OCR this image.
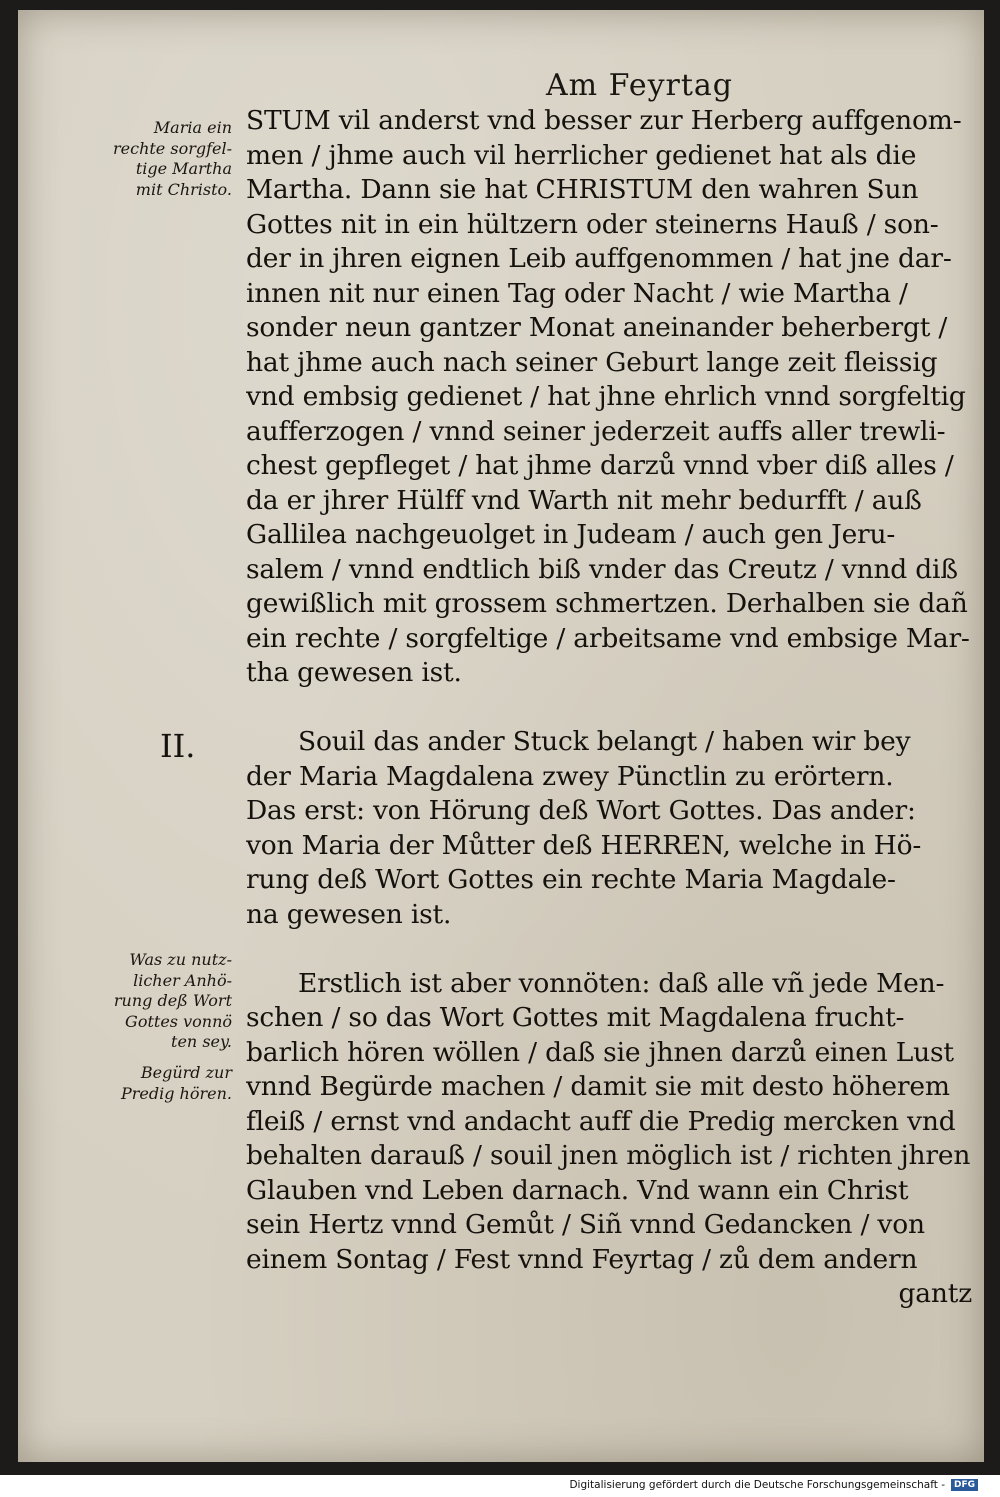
Am Feyrtag
II.
Maria ein
rechte sorgfel-
tige Martha
mit Christo.
Was zu nutz-
licher Anhö-
rung deß Wort
Gottes vonnö
ten sey.
Begürd zur
Predig hören.
STUM vil anderst vnd besser zur Herberg auffgenom-
men / jhme auch vil herrlicher gedienet hat als die
Martha. Dann sie hat CHRISTUM den wahren Sun
Gottes nit in ein hültzern oder steinerns Hauß / son-
der in jhren eignen Leib auffgenommen / hat jne dar-
innen nit nur einen Tag oder Nacht / wie Martha /
sonder neun gantzer Monat aneinander beherbergt /
hat jhme auch nach seiner Geburt lange zeit fleissig
vnd embsig gedienet / hat jhne ehrlich vnnd sorgfeltig
aufferzogen / vnnd seiner jederzeit auffs aller trewli-
chest gepfleget / hat jhme darzů vnnd vber diß alles /
da er jhrer Hülff vnd Warth nit mehr bedurfft / auß
Gallilea nachgeuolget in Judeam / auch gen Jeru-
salem / vnnd endtlich biß vnder das Creutz / vnnd diß
gewißlich mit grossem schmertzen. Derhalben sie dañ
ein rechte / sorgfeltige / arbeitsame vnd embsige Mar-
tha gewesen ist.
Souil das ander Stuck belangt / haben wir bey
der Maria Magdalena zwey Pünctlin zu erörtern.
Das erst: von Hörung deß Wort Gottes. Das ander:
von Maria der Můtter deß HERREN, welche in Hö-
rung deß Wort Gottes ein rechte Maria Magdale-
na gewesen ist.
Erstlich ist aber vonnöten: daß alle vñ jede Men-
schen / so das Wort Gottes mit Magdalena frucht-
barlich hören wöllen / daß sie jhnen darzů einen Lust
vnnd Begürde machen / damit sie mit desto höherem
fleiß / ernst vnd andacht auff die Predig mercken vnd
behalten darauß / souil jnen möglich ist / richten jhren
Glauben vnd Leben darnach. Vnd wann ein Christ
sein Hertz vnnd Gemůt / Siñ vnnd Gedancken / von
einem Sontag / Fest vnnd Feyrtag / zů dem andern
gantz
Digitalisierung gefördert durch die Deutsche Forschungsgemeinschaft -	DFG
